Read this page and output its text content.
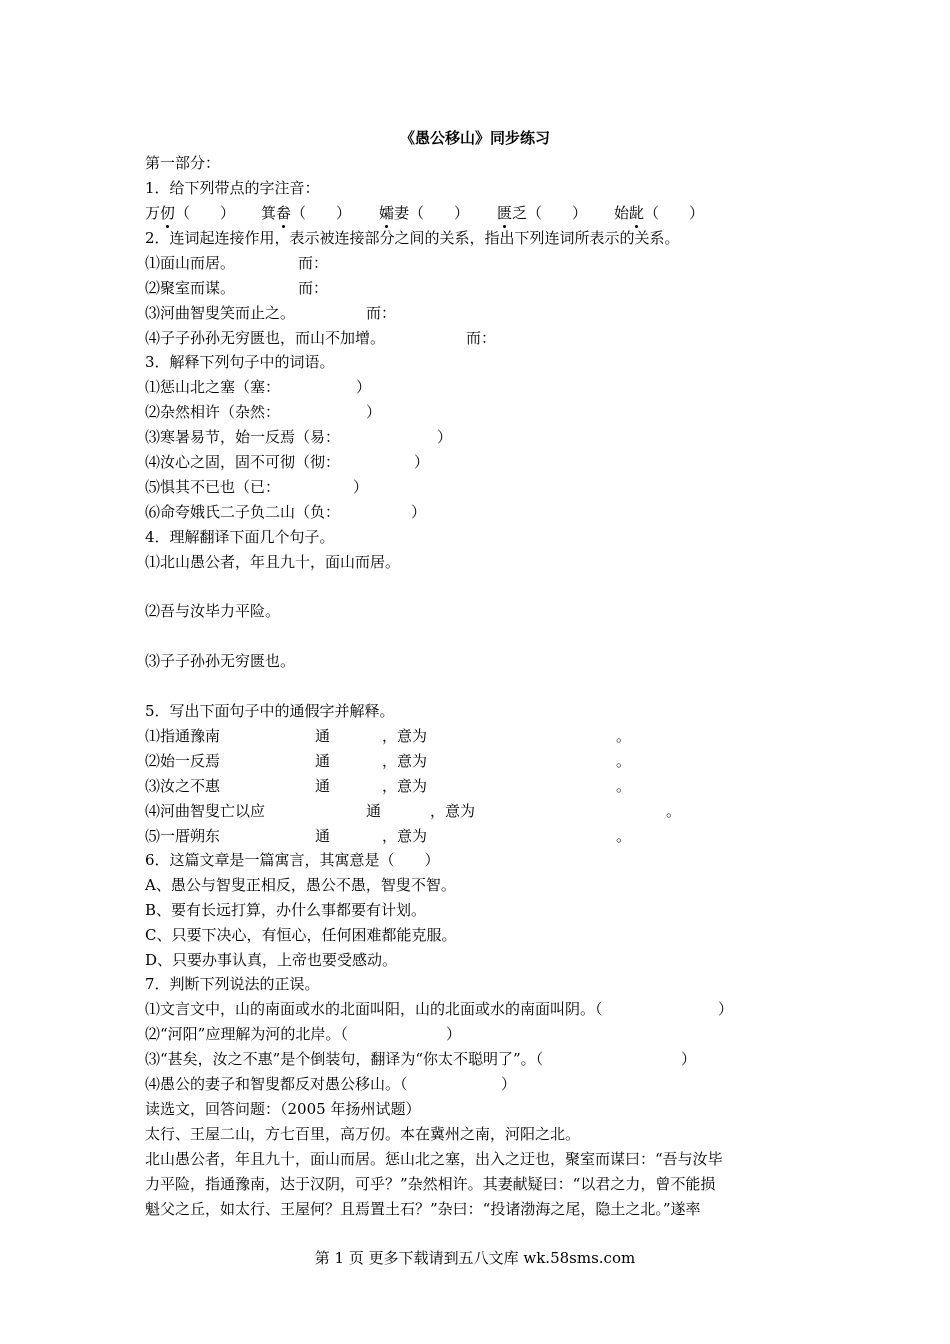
《愚公移山》同步练习
第一部分：
1．给下列带点的字注音：
万仞（　　） 箕畚（　　） 孀妻（　　） 匮乏（　　） 始龀（　　）
2．连词起连接作用，表示被连接部分之间的关系，指出下列连词所表示的关系。
⑴面山而居。	而：
⑵聚室而谋。	而：
⑶河曲智叟笑而止之。	而：
⑷子子孙孙无穷匮也，而山不加增。	而：
3．解释下列句子中的词语。
⑴惩山北之塞（塞：	）
⑵杂然相许（杂然：	）
⑶寒暑易节，始一反焉（易：	）
⑷汝心之固，固不可彻（彻：	）
⑸惧其不已也（已：	）
⑹命夸娥氏二子负二山（负：	）
4．理解翻译下面几个句子。
⑴北山愚公者，年且九十，面山而居。
⑵吾与汝毕力平险。
⑶子子孙孙无穷匮也。
5．写出下面句子中的通假字并解释。
⑴指通豫南	通	，意为	。
⑵始一反焉	通	，意为	。
⑶汝之不惠	通	，意为	。
⑷河曲智叟亡以应	通	，意为	。
⑸一厝朔东	通	，意为	。
6．这篇文章是一篇寓言，其寓意是（　　）
A、愚公与智叟正相反，愚公不愚，智叟不智。
B、要有长远打算，办什么事都要有计划。
C、只要下决心，有恒心，任何困难都能克服。
D、只要办事认真，上帝也要受感动。
7．判断下列说法的正误。
⑴文言文中，山的南面或水的北面叫阳，山的北面或水的南面叫阴。（	）
⑵“河阳”应理解为河的北岸。（	）
⑶“甚矣，汝之不惠”是个倒装句，翻译为“你太不聪明了”。（	）
⑷愚公的妻子和智叟都反对愚公移山。（	）
读选文，回答问题：（2005 年扬州试题）
太行、王屋二山，方七百里，高万仞。本在冀州之南，河阳之北。
北山愚公者，年且九十，面山而居。惩山北之塞，出入之迂也，聚室而谋曰：“吾与汝毕
力平险，指通豫南，达于汉阴，可乎？”杂然相许。其妻献疑曰：“以君之力，曾不能损
魁父之丘，如太行、王屋何？且焉置土石？”杂曰：“投诸渤海之尾，隐土之北。”遂率
第 1 页 更多下载请到五八文库 wk.58sms.com
